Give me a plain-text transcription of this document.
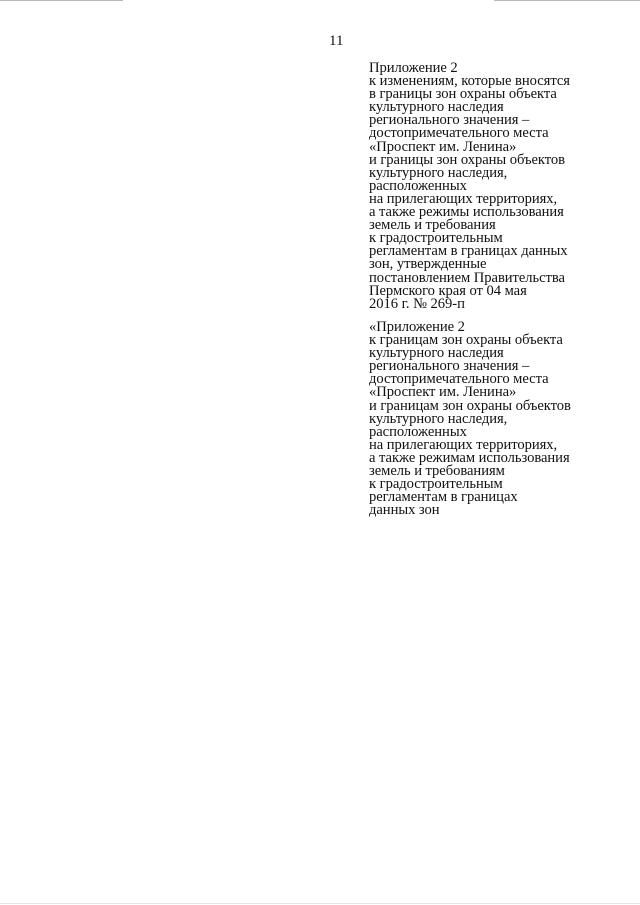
11
Приложение 2
к изменениям, которые вносятся
в границы зон охраны объекта
культурного наследия
регионального значения –
достопримечательного места
«Проспект им. Ленина»
и границы зон охраны объектов
культурного наследия,
расположенных
на прилегающих территориях,
а также режимы использования
земель и требования
к градостроительным
регламентам в границах данных
зон, утвержденные
постановлением Правительства
Пермского края от 04 мая
2016 г. № 269-п
«Приложение 2
к границам зон охраны объекта
культурного наследия
регионального значения –
достопримечательного места
«Проспект им. Ленина»
и границам зон охраны объектов
культурного наследия,
расположенных
на прилегающих территориях,
а также режимам использования
земель и требованиям
к градостроительным
регламентам в границах
данных зон
